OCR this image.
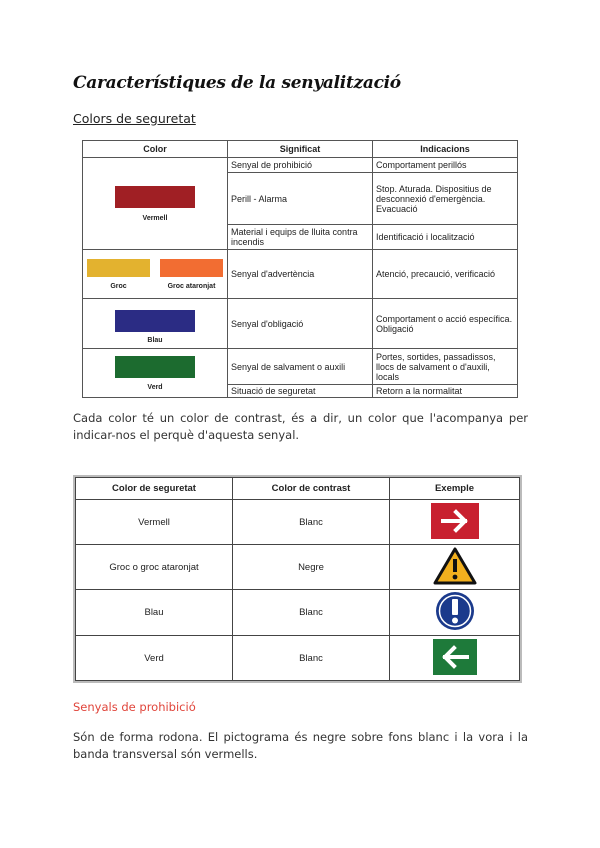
Característiques de la senyalització
Colors de seguretat
Color	Significat	Indicacions

Vermell	Senyal de prohibició	Comportament perillós
	Perill - Alarma	Stop. Aturada. Dispositius de desconnexió d'emergència. Evacuació
	Material i equips de lluita contra incendis	Identificació i localització

Groc Groc ataronjat	Senyal d'advertència	Atenció, precaució, verificació

Blau	Senyal d'obligació	Comportament o acció específica. Obligació

Verd	Senyal de salvament o auxili	Portes, sortides, passadissos, llocs de salvament o d'auxili, locals
	Situació de seguretat	Retorn a la normalitat
Cada color té un color de contrast, és a dir, un color que l'acompanya per indicar-nos el perquè d'aquesta senyal.
Color de seguretat	Color de contrast	Exemple
Vermell	Blanc	
Groc o groc ataronjat	Negre	
Blau	Blanc	
Verd	Blanc	
Senyals de prohibició
Són de forma rodona. El pictograma és negre sobre fons blanc i la vora i la banda transversal són vermells.
